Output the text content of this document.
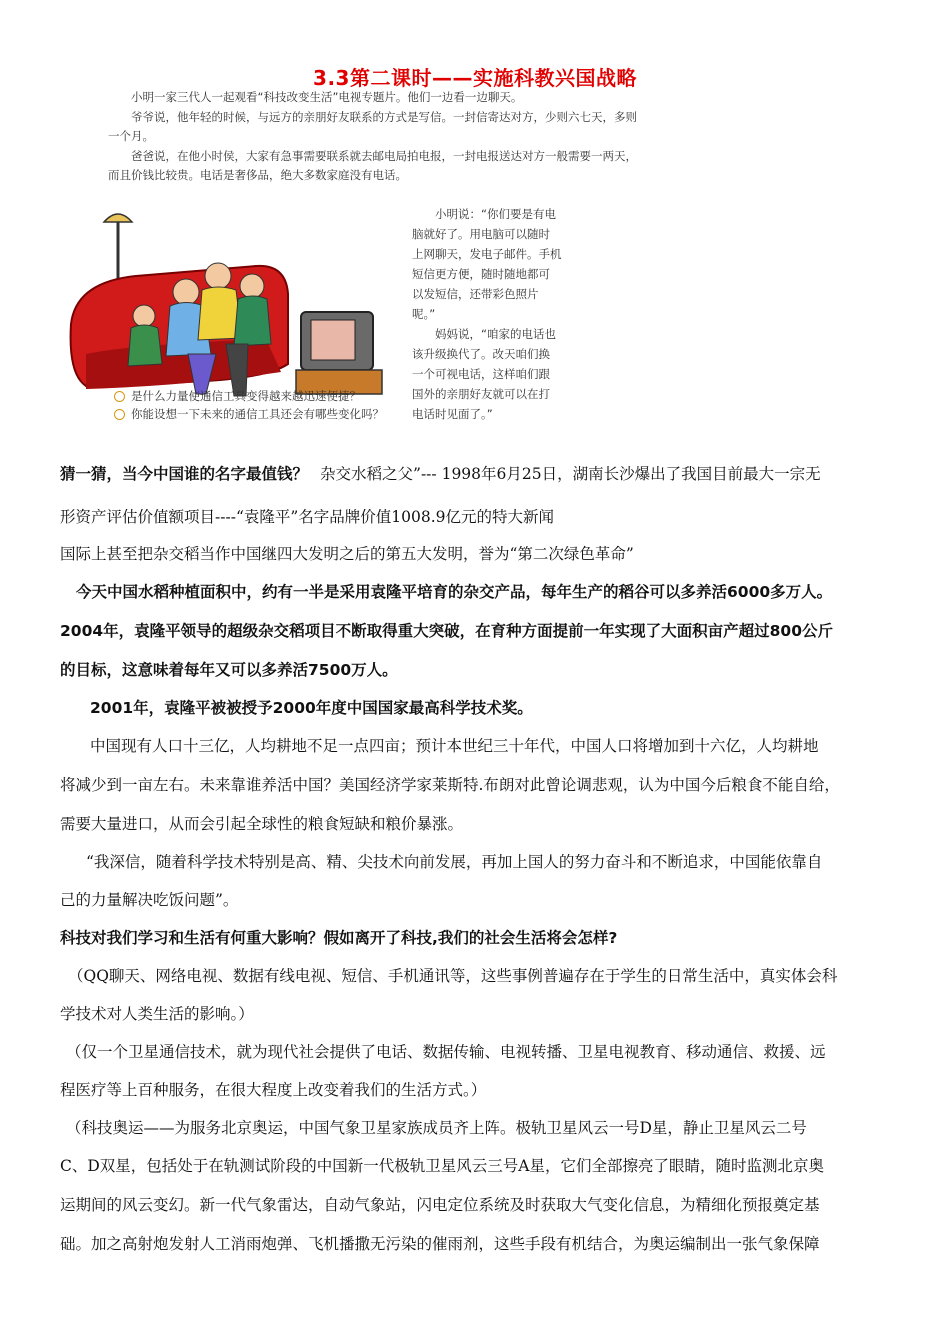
3.3第二课时——实施科教兴国战略

小明一家三代人一起观看“科技改变生活”电视专题片。他们一边看一边聊天。

爷爷说，他年轻的时候，与远方的亲朋好友联系的方式是写信。一封信寄达对方，少则六七天，多则一个月。

爸爸说，在他小时侯，大家有急事需要联系就去邮电局拍电报，一封电报送达对方一般需要一两天，而且价钱比较贵。电话是奢侈品，绝大多数家庭没有电话。

小明说：“你们要是有电
脑就好了。用电脑可以随时
上网聊天，发电子邮件。手机
短信更方便，随时随地都可
以发短信，还带彩色照片
呢。”
妈妈说，“咱家的电话也
该升级换代了。改天咱们换
一个可视电话，这样咱们跟
国外的亲朋好友就可以在打
电话时见面了。”
是什么力量使通信工具变得越来越迅速便捷？
你能设想一下未来的通信工具还会有哪些变化吗？
猜一猜，当今中国谁的名字最值钱？ 杂交水稻之父”--- 1998年6月25日，湖南长沙爆出了我国目前最大一宗无
形资产评估价值额项目----“袁隆平”名字品牌价值1008.9亿元的特大新闻
国际上甚至把杂交稻当作中国继四大发明之后的第五大发明，誉为“第二次绿色革命”
今天中国水稻种植面积中，约有一半是采用袁隆平培育的杂交产品，每年生产的稻谷可以多养活6000多万人。
2004年，袁隆平领导的超级杂交稻项目不断取得重大突破，在育种方面提前一年实现了大面积亩产超过800公斤
的目标，这意味着每年又可以多养活7500万人。
2001年，袁隆平被被授予2000年度中国国家最高科学技术奖。
中国现有人口十三亿，人均耕地不足一点四亩；预计本世纪三十年代，中国人口将增加到十六亿，人均耕地
将减少到一亩左右。未来靠谁养活中国？美国经济学家莱斯特.布朗对此曾论调悲观，认为中国今后粮食不能自给，
需要大量进口，从而会引起全球性的粮食短缺和粮价暴涨。
“我深信，随着科学技术特别是高、精、尖技术向前发展，再加上国人的努力奋斗和不断追求，中国能依靠自
己的力量解决吃饭问题”。
科技对我们学习和生活有何重大影响？假如离开了科技,我们的社会生活将会怎样?
（QQ聊天、网络电视、数据有线电视、短信、手机通讯等，这些事例普遍存在于学生的日常生活中，真实体会科
学技术对人类生活的影响。）
（仅一个卫星通信技术，就为现代社会提供了电话、数据传输、电视转播、卫星电视教育、移动通信、救援、远
程医疗等上百种服务，在很大程度上改变着我们的生活方式。）
（科技奥运——为服务北京奥运，中国气象卫星家族成员齐上阵。极轨卫星风云一号D星，静止卫星风云二号
C、D双星，包括处于在轨测试阶段的中国新一代极轨卫星风云三号A星，它们全部擦亮了眼睛，随时监测北京奥
运期间的风云变幻。新一代气象雷达，自动气象站，闪电定位系统及时获取大气变化信息，为精细化预报奠定基
础。加之高射炮发射人工消雨炮弹、飞机播撒无污染的催雨剂，这些手段有机结合，为奥运编制出一张气象保障
